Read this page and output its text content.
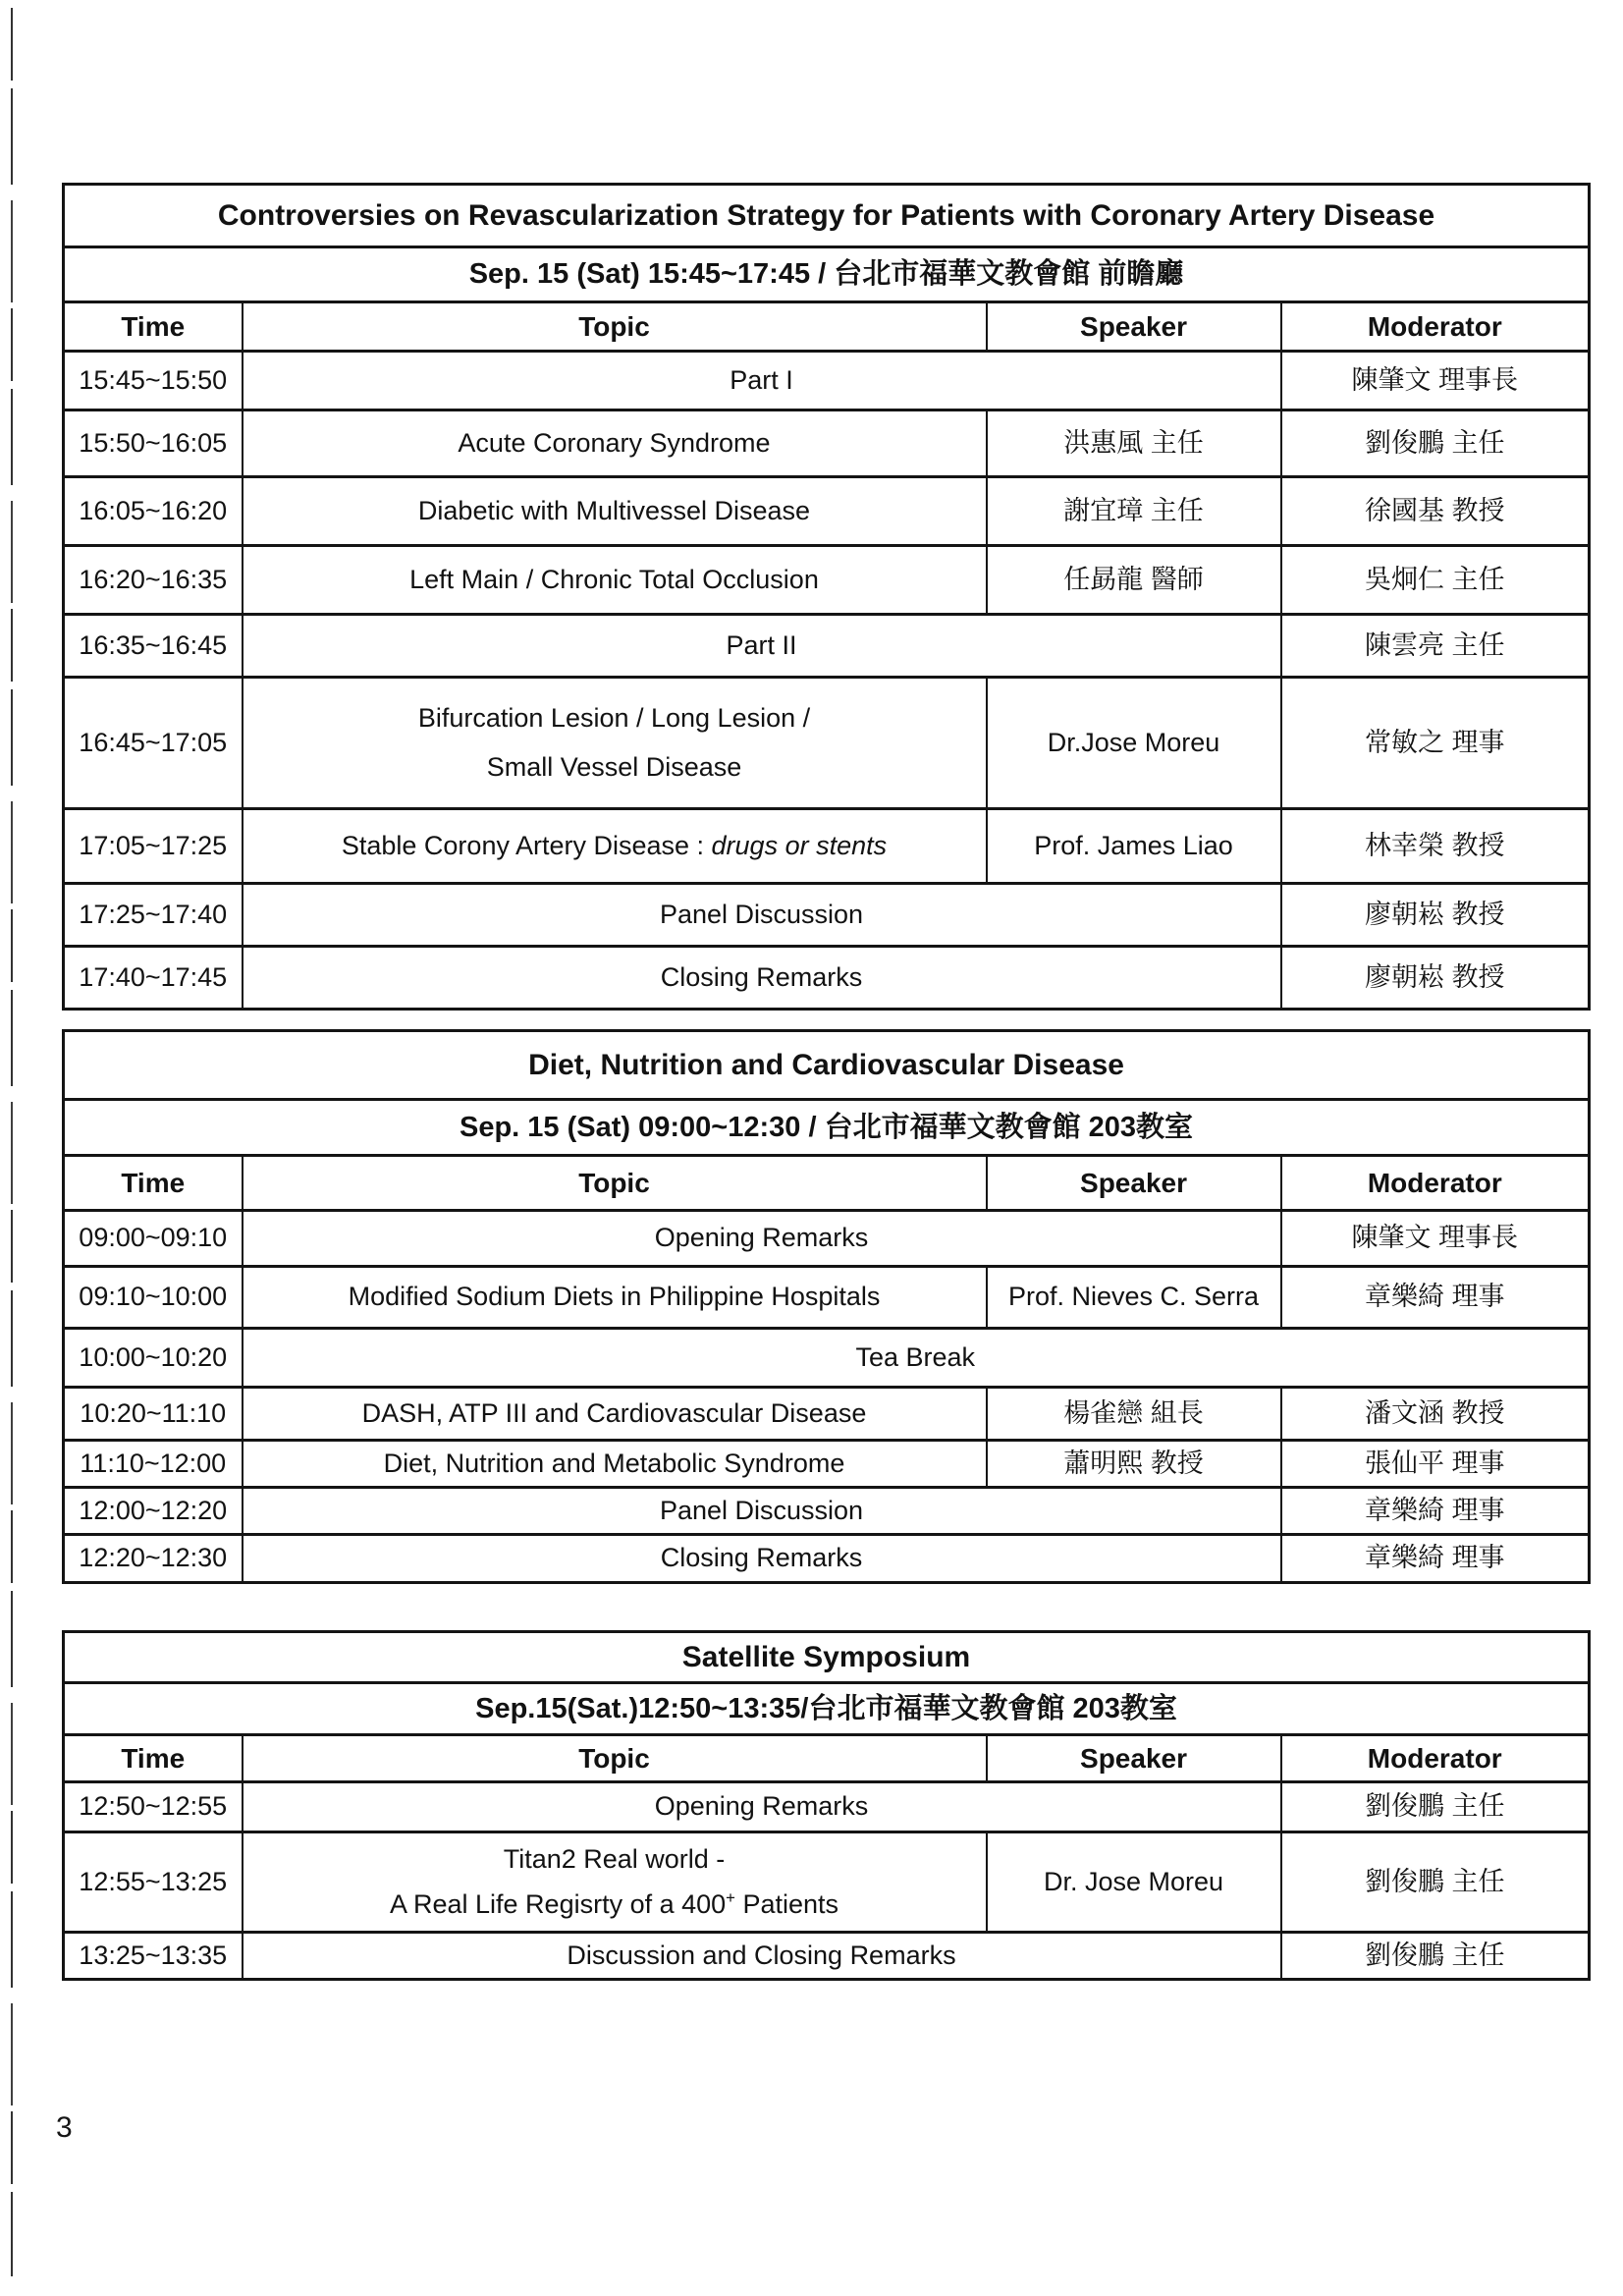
Controversies on Revascularization Strategy for Patients with Coronary Artery Disease			
Sep. 15 (Sat) 15:45~17:45 / 台北市福華文教會館 前瞻廳			
Time	Topic	Speaker	Moderator
15:45~15:50	Part I		陳肇文 理事長
15:50~16:05	Acute Coronary Syndrome	洪惠風 主任	劉俊鵬 主任
16:05~16:20	Diabetic with Multivessel Disease	謝宜璋 主任	徐國基 教授
16:20~16:35	Left Main / Chronic Total Occlusion	任勗龍 醫師	吳炯仁 主任
16:35~16:45	Part II		陳雲亮 主任
16:45~17:05	Bifurcation Lesion / Long Lesion /
Small Vessel Disease	Dr.Jose Moreu	常敏之 理事
17:05~17:25	Stable Corony Artery Disease : drugs or stents	Prof. James Liao	林幸榮 教授
17:25~17:40	Panel Discussion		廖朝崧 教授
17:40~17:45	Closing Remarks		廖朝崧 教授
Diet, Nutrition and Cardiovascular Disease			
Sep. 15 (Sat) 09:00~12:30 / 台北市福華文教會館 203教室			
Time	Topic	Speaker	Moderator
09:00~09:10	Opening Remarks		陳肇文 理事長
09:10~10:00	Modified Sodium Diets in Philippine Hospitals	Prof. Nieves C. Serra	章樂綺 理事
10:00~10:20	Tea Break		
10:20~11:10	DASH, ATP III and Cardiovascular Disease	楊雀戀 組長	潘文涵 教授
11:10~12:00	Diet, Nutrition and Metabolic Syndrome	蕭明熙 教授	張仙平 理事
12:00~12:20	Panel Discussion		章樂綺 理事
12:20~12:30	Closing Remarks		章樂綺 理事
Satellite Symposium			
Sep.15(Sat.)12:50~13:35/台北市福華文教會館 203教室			
Time	Topic	Speaker	Moderator
12:50~12:55	Opening Remarks		劉俊鵬 主任
12:55~13:25	Titan2 Real world -
A Real Life Regisrty of a 400+ Patients	Dr. Jose Moreu	劉俊鵬 主任
13:25~13:35	Discussion and Closing Remarks		劉俊鵬 主任
3
